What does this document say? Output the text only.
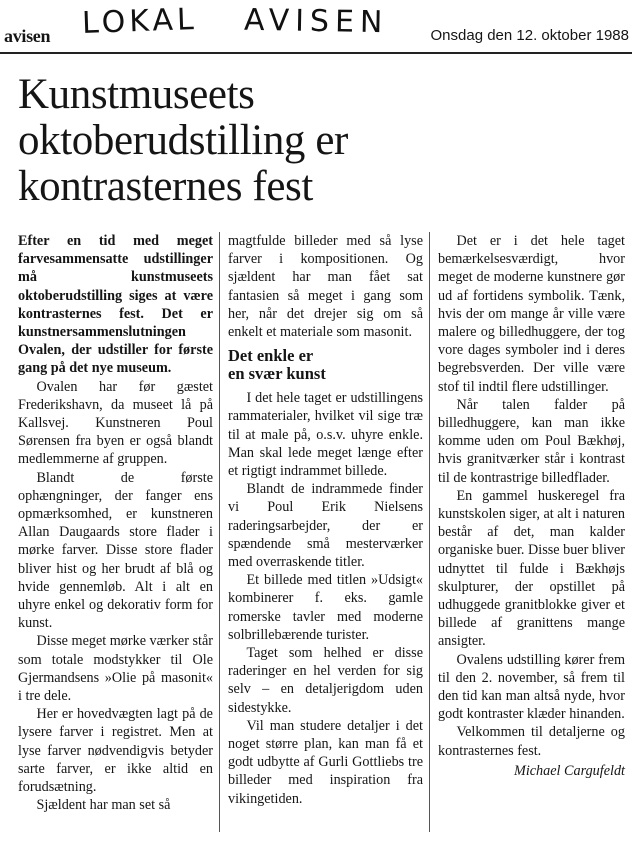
avisen LOKAL AVISEN	Onsdag den 12. oktober 1988
Kunstmuseets
oktoberudstilling er
kontrasternes fest

Efter en tid med meget farvesammensatte udstillinger må kunstmuseets oktoberudstilling siges at være kontrasternes fest. Det er kunstnersammenslutningen Ovalen, der udstiller for første gang på det nye museum.

Ovalen har før gæstet Frederikshavn, da museet lå på Kallsvej. Kunstneren Poul Sørensen fra byen er også blandt medlemmerne af gruppen.

Blandt de første ophængninger, der fanger ens opmærksomhed, er kunstneren Allan Daugaards store flader i mørke farver. Disse store flader bliver hist og her brudt af blå og hvide gennemløb. Alt i alt en uhyre enkel og dekorativ form for kunst.

Disse meget mørke værker står som totale modstykker til Ole Gjermandsens »Olie på masonit« i tre dele.

Her er hovedvægten lagt på de lysere farver i registret. Men at lyse farver nødvendigvis betyder sarte farver, er ikke altid en forudsætning.

Sjældent har man set så

magtfulde billeder med så lyse farver i kompositionen. Og sjældent har man fået sat fantasien så meget i gang som her, når det drejer sig om så enkelt et materiale som masonit.

Det enkle er
en svær kunst

I det hele taget er udstillingens rammaterialer, hvilket vil sige træ til at male på, o.s.v. uhyre enkle. Man skal lede meget længe efter et rigtigt indrammet billede.

Blandt de indrammede finder vi Poul Erik Nielsens raderingsarbejder, der er spændende små mesterværker med overraskende titler.

Et billede med titlen »Udsigt« kombinerer f. eks. gamle romerske tavler med moderne solbrillebærende turister.

Taget som helhed er disse raderinger en hel verden for sig selv – en detaljerigdom uden sidestykke.

Vil man studere detaljer i det noget større plan, kan man få et godt udbytte af Gurli Gottliebs tre billeder med inspiration fra vikingetiden.

Det er i det hele taget bemærkelsesværdigt, hvor meget de moderne kunstnere gør ud af fortidens symbolik. Tænk, hvis der om mange år ville være malere og billedhuggere, der tog vore dages symboler ind i deres begrebsverden. Der ville være stof til indtil flere udstillinger.

Når talen falder på billedhuggere, kan man ikke komme uden om Poul Bækhøj, hvis granitværker står i kontrast til de kontrastrige billedflader.

En gammel huskeregel fra kunstskolen siger, at alt i naturen består af det, man kalder organiske buer. Disse buer bliver udnyttet til fulde i Bækhøjs skulpturer, der opstillet på udhuggede granitblokke giver et billede af granittens mange ansigter.

Ovalens udstilling kører frem til den 2. november, så frem til den tid kan man altså nyde, hvor godt kontraster klæder hinanden.

Velkommen til detaljerne og kontrasternes fest.

Michael Cargufeldt
